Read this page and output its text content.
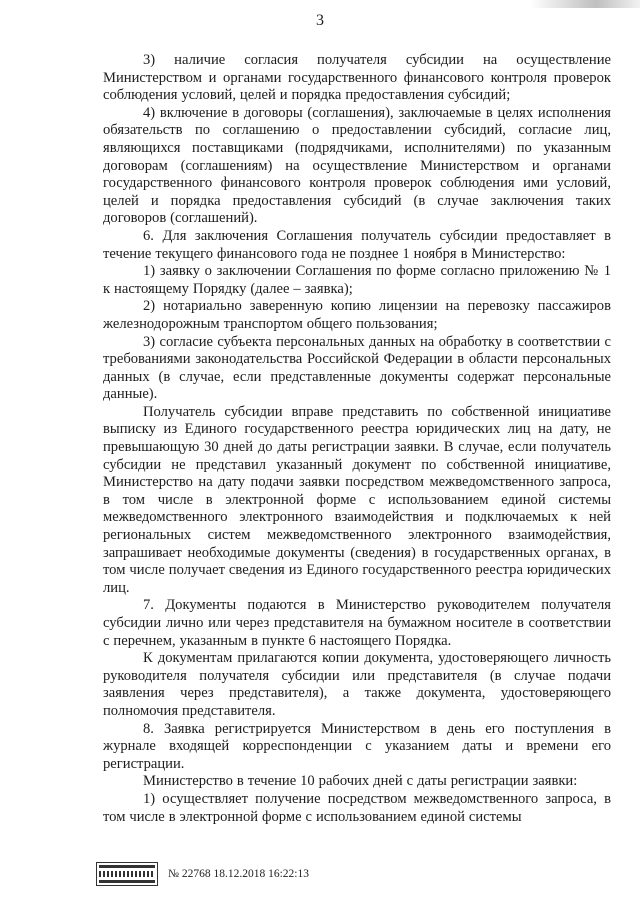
3

3) наличие согласия получателя субсидии на осуществление Министерством и органами государственного финансового контроля проверок соблюдения условий, целей и порядка предоставления субсидий;

4) включение в договоры (соглашения), заключаемые в целях исполнения обязательств по соглашению о предоставлении субсидий, согласие лиц, являющихся поставщиками (подрядчиками, исполнителями) по указанным договорам (соглашениям) на осуществление Министерством и органами государственного финансового контроля проверок соблюдения ими условий, целей и порядка предоставления субсидий (в случае заключения таких договоров (соглашений).

6. Для заключения Соглашения получатель субсидии предоставляет в течение текущего финансового года не позднее 1 ноября в Министерство:

1) заявку о заключении Соглашения по форме согласно приложению № 1 к настоящему Порядку (далее – заявка);

2) нотариально заверенную копию лицензии на перевозку пассажиров железнодорожным транспортом общего пользования;

3) согласие субъекта персональных данных на обработку в соответствии с требованиями законодательства Российской Федерации в области персональных данных (в случае, если представленные документы содержат персональные данные).

Получатель субсидии вправе представить по собственной инициативе выписку из Единого государственного реестра юридических лиц на дату, не превышающую 30 дней до даты регистрации заявки. В случае, если получатель субсидии не представил указанный документ по собственной инициативе, Министерство на дату подачи заявки посредством межведомственного запроса, в том числе в электронной форме с использованием единой системы межведомственного электронного взаимодействия и подключаемых к ней региональных систем межведомственного электронного взаимодействия, запрашивает необходимые документы (сведения) в государственных органах, в том числе получает сведения из Единого государственного реестра юридических лиц.

7. Документы подаются в Министерство руководителем получателя субсидии лично или через представителя на бумажном носителе в соответствии с перечнем, указанным в пункте 6 настоящего Порядка.

К документам прилагаются копии документа, удостоверяющего личность руководителя получателя субсидии или представителя (в случае подачи заявления через представителя), а также документа, удостоверяющего полномочия представителя.

8. Заявка регистрируется Министерством в день его поступления в журнале входящей корреспонденции с указанием даты и времени его регистрации.

Министерство в течение 10 рабочих дней с даты регистрации заявки:

1) осуществляет получение посредством межведомственного запроса, в том числе в электронной форме с использованием единой системы

№ 22768 18.12.2018 16:22:13
